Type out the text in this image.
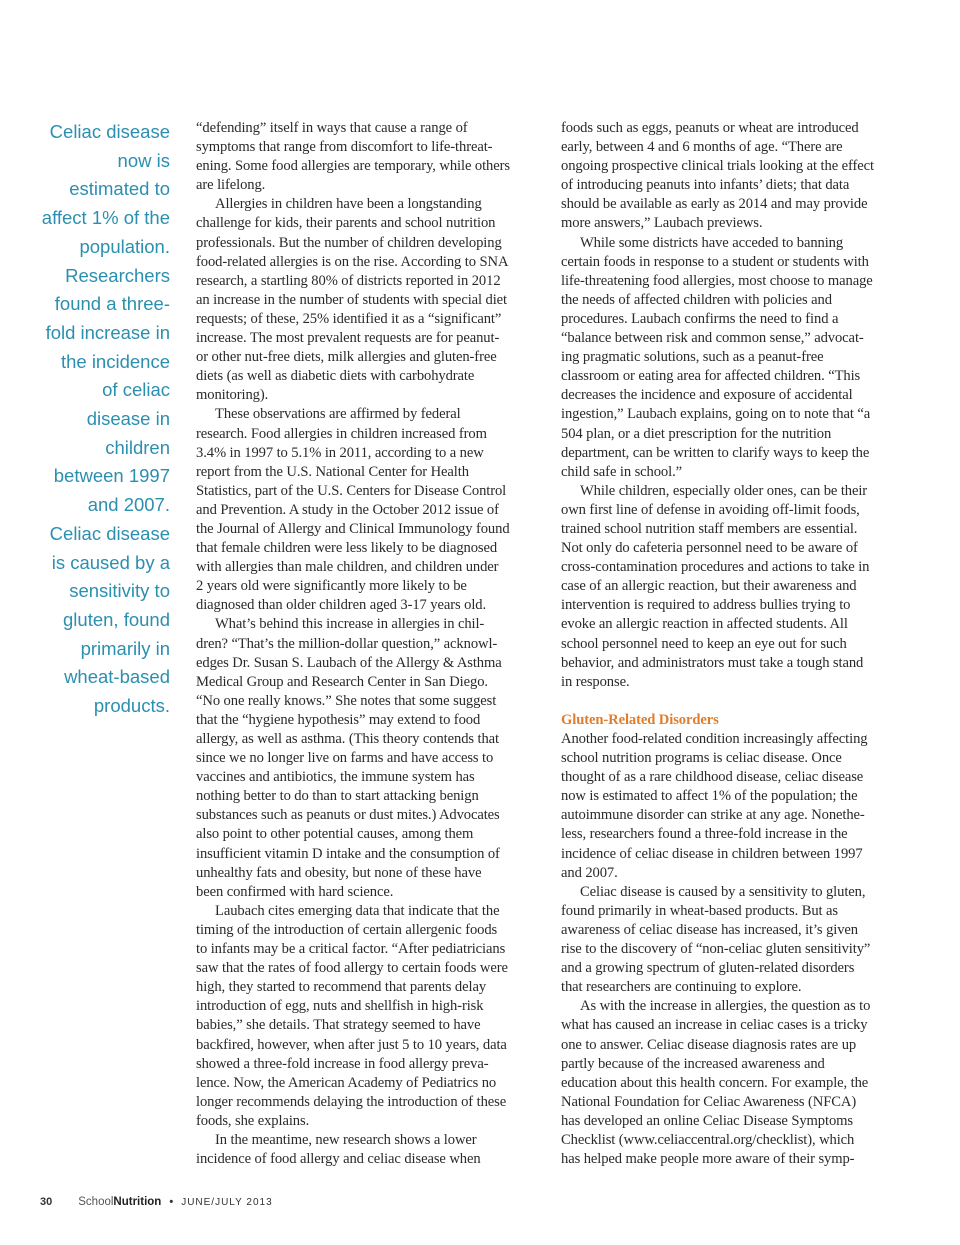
Celiac disease
now is
estimated to
affect 1% of the
population.
Researchers
found a three-
fold increase in
the incidence
of celiac
disease in
children
between 1997
and 2007.
Celiac disease
is caused by a
sensitivity to
gluten, found
primarily in
wheat-based
products.
“defending” itself in ways that cause a range of
symptoms that range from discomfort to life-threat-
ening. Some food allergies are temporary, while others
are lifelong.
Allergies in children have been a longstanding
challenge for kids, their parents and school nutrition
professionals. But the number of children developing
food-related allergies is on the rise. According to SNA
research, a startling 80% of districts reported in 2012
an increase in the number of students with special diet
requests; of these, 25% identified it as a “significant”
increase. The most prevalent requests are for peanut-
or other nut-free diets, milk allergies and gluten-free
diets (as well as diabetic diets with carbohydrate
monitoring).
These observations are affirmed by federal
research. Food allergies in children increased from
3.4% in 1997 to 5.1% in 2011, according to a new
report from the U.S. National Center for Health
Statistics, part of the U.S. Centers for Disease Control
and Prevention. A study in the October 2012 issue of
the Journal of Allergy and Clinical Immunology found
that female children were less likely to be diagnosed
with allergies than male children, and children under
2 years old were significantly more likely to be
diagnosed than older children aged 3-17 years old.
What’s behind this increase in allergies in chil-
dren? “That’s the million-dollar question,” acknowl-
edges Dr. Susan S. Laubach of the Allergy & Asthma
Medical Group and Research Center in San Diego.
“No one really knows.” She notes that some suggest
that the “hygiene hypothesis” may extend to food
allergy, as well as asthma. (This theory contends that
since we no longer live on farms and have access to
vaccines and antibiotics, the immune system has
nothing better to do than to start attacking benign
substances such as peanuts or dust mites.) Advocates
also point to other potential causes, among them
insufficient vitamin D intake and the consumption of
unhealthy fats and obesity, but none of these have
been confirmed with hard science.
Laubach cites emerging data that indicate that the
timing of the introduction of certain allergenic foods
to infants may be a critical factor. “After pediatricians
saw that the rates of food allergy to certain foods were
high, they started to recommend that parents delay
introduction of egg, nuts and shellfish in high-risk
babies,” she details. That strategy seemed to have
backfired, however, when after just 5 to 10 years, data
showed a three-fold increase in food allergy preva-
lence. Now, the American Academy of Pediatrics no
longer recommends delaying the introduction of these
foods, she explains.
In the meantime, new research shows a lower
incidence of food allergy and celiac disease when
foods such as eggs, peanuts or wheat are introduced
early, between 4 and 6 months of age. “There are
ongoing prospective clinical trials looking at the effect
of introducing peanuts into infants’ diets; that data
should be available as early as 2014 and may provide
more answers,” Laubach previews.
While some districts have acceded to banning
certain foods in response to a student or students with
life-threatening food allergies, most choose to manage
the needs of affected children with policies and
procedures. Laubach confirms the need to find a
“balance between risk and common sense,” advocat-
ing pragmatic solutions, such as a peanut-free
classroom or eating area for affected children. “This
decreases the incidence and exposure of accidental
ingestion,” Laubach explains, going on to note that “a
504 plan, or a diet prescription for the nutrition
department, can be written to clarify ways to keep the
child safe in school.”
While children, especially older ones, can be their
own first line of defense in avoiding off-limit foods,
trained school nutrition staff members are essential.
Not only do cafeteria personnel need to be aware of
cross-contamination procedures and actions to take in
case of an allergic reaction, but their awareness and
intervention is required to address bullies trying to
evoke an allergic reaction in affected students. All
school personnel need to keep an eye out for such
behavior, and administrators must take a tough stand
in response.
Gluten-Related Disorders
Another food-related condition increasingly affecting
school nutrition programs is celiac disease. Once
thought of as a rare childhood disease, celiac disease
now is estimated to affect 1% of the population; the
autoimmune disorder can strike at any age. Nonethe-
less, researchers found a three-fold increase in the
incidence of celiac disease in children between 1997
and 2007.
Celiac disease is caused by a sensitivity to gluten,
found primarily in wheat-based products. But as
awareness of celiac disease has increased, it’s given
rise to the discovery of “non-celiac gluten sensitivity”
and a growing spectrum of gluten-related disorders
that researchers are continuing to explore.
As with the increase in allergies, the question as to
what has caused an increase in celiac cases is a tricky
one to answer. Celiac disease diagnosis rates are up
partly because of the increased awareness and
education about this health concern. For example, the
National Foundation for Celiac Awareness (NFCA)
has developed an online Celiac Disease Symptoms
Checklist (www.celiaccentral.org/checklist), which
has helped make people more aware of their symp-
30 SchoolNutrition • JUNE/JULY 2013
